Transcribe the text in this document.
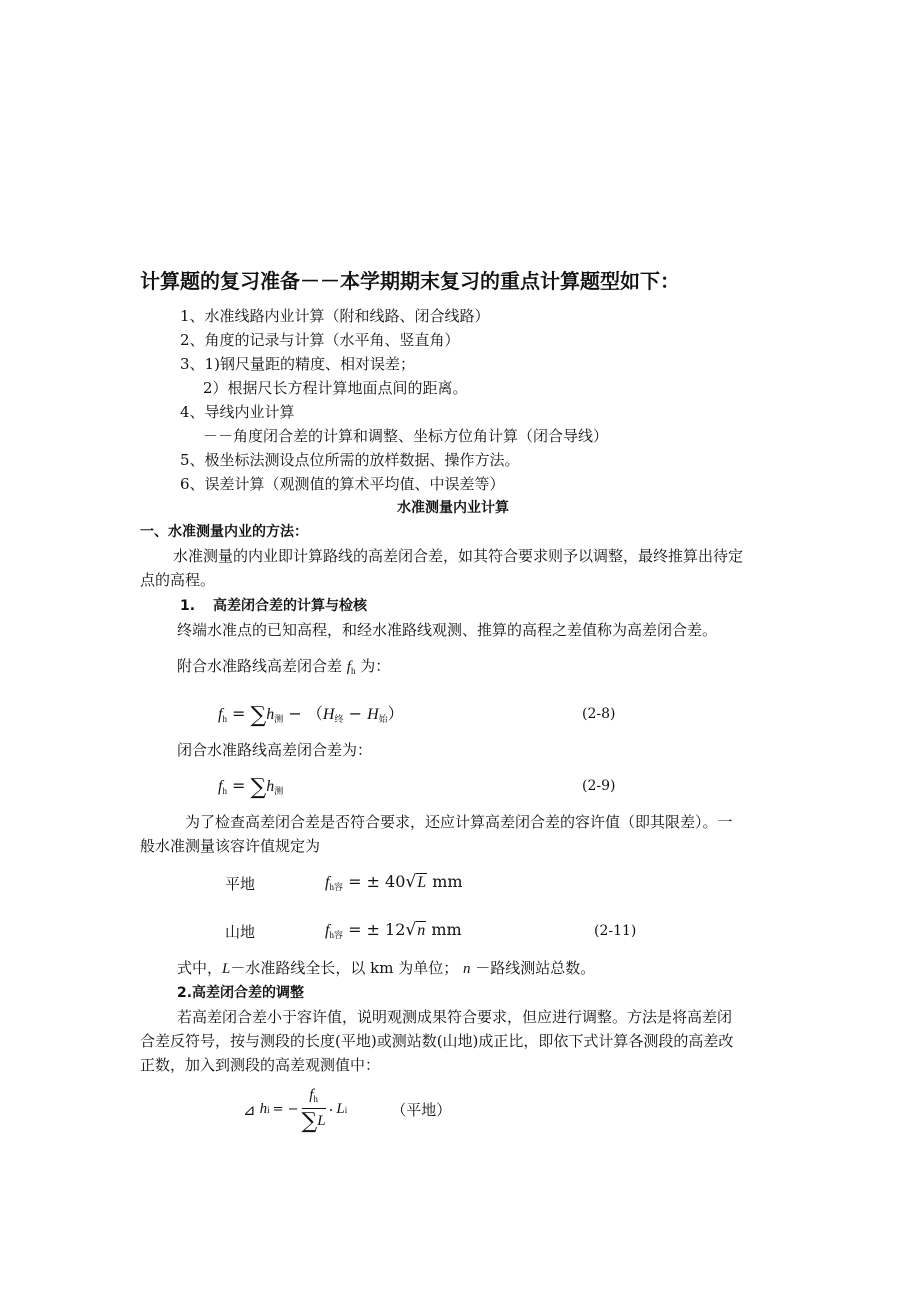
计算题的复习准备－－本学期期末复习的重点计算题型如下：
1、水准线路内业计算（附和线路、闭合线路）
2、角度的记录与计算（水平角、竖直角）
3、1)钢尺量距的精度、相对误差；
2）根据尺长方程计算地面点间的距离。
4、导线内业计算
－－角度闭合差的计算和调整、坐标方位角计算（闭合导线）
5、极坐标法测设点位所需的放样数据、操作方法。
6、误差计算（观测值的算术平均值、中误差等）
水准测量内业计算
一、水准测量内业的方法：
水准测量的内业即计算路线的高差闭合差，如其符合要求则予以调整，最终推算出待定
点的高程。
1. 高差闭合差的计算与检核
终端水准点的已知高程，和经水准路线观测、推算的高程之差值称为高差闭合差。
附合水准路线高差闭合差 $f_h$ 为：
$f_h = \sum h_测 - (H_终 - H_始)$	(2-8)
闭合水准路线高差闭合差为：
$f_h = \sum h_测$	(2-9)
为了检查高差闭合差是否符合要求，还应计算高差闭合差的容许值（即其限差）。一
般水准测量该容许值规定为
平地	$f_{h容}$ = ± 40√L mm
山地	$f_{h容}$ = ± 12√n mm	(2-11)
式中，L－水准路线全长，以 km 为单位； n －路线测站总数。
2.高差闭合差的调整
若高差闭合差小于容许值，说明观测成果符合要求，但应进行调整。方法是将高差闭
合差反符号，按与测段的长度(平地)或测站数(山地)成正比，即依下式计算各测段的高差改
正数，加入到测段的高差观测值中：
⊿ h i = − $\frac{f_h}{\sum L} \cdot L$ i	（平地）
